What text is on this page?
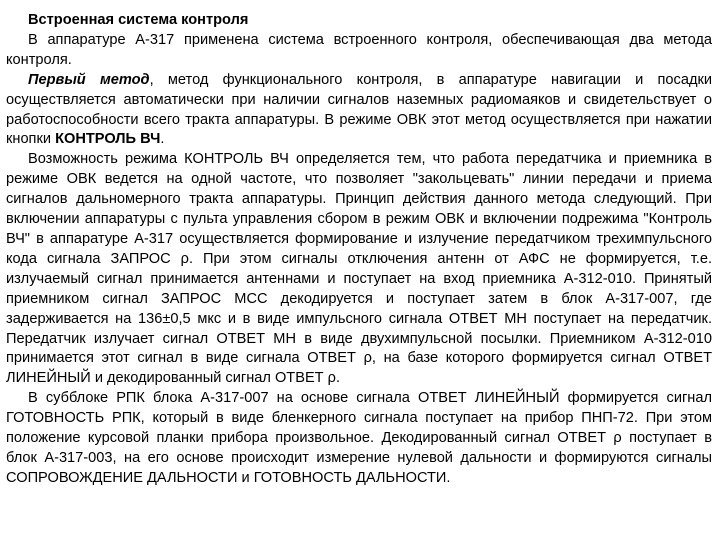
Встроенная система контроля

В аппаратуре А-317 применена система встроенного контроля, обеспечивающая два метода контроля.

Первый метод, метод функционального контроля, в аппаратуре навигации и посадки осуществляется автоматически при наличии сигналов наземных радиомаяков и свидетельствует о работоспособности всего тракта аппаратуры. В режиме ОВК этот метод осуществляется при нажатии кнопки КОНТРОЛЬ ВЧ.

Возможность режима КОНТРОЛЬ ВЧ определяется тем, что работа передатчика и приемника в режиме ОВК ведется на одной частоте, что позволяет "закольцевать" линии передачи и приема сигналов дальномерного тракта аппаратуры. Принцип действия данного метода следующий. При включении аппаратуры с пульта управления сбором в режим ОВК и включении подрежима "Контроль ВЧ" в аппаратуре А-317 осуществляется формирование и излучение передатчиком трехимпульсного кода сигнала ЗАПРОС ρ. При этом сигналы отключения антенн от АФС не формируется, т.е. излучаемый сигнал принимается антеннами и поступает на вход приемника А-312-010. Принятый приемником сигнал ЗАПРОС МСС декодируется и поступает затем в блок А-317-007, где задерживается на 136±0,5 мкс и в виде импульсного сигнала ОТВЕТ МН поступает на передатчик. Передатчик излучает сигнал ОТВЕТ МН в виде двухимпульсной посылки. Приемником А-312-010 принимается этот сигнал в виде сигнала ОТВЕТ ρ, на базе которого формируется сигнал ОТВЕТ ЛИНЕЙНЫЙ и декодированный сигнал ОТВЕТ ρ.

В субблоке РПК блока А-317-007 на основе сигнала ОТВЕТ ЛИНЕЙНЫЙ формируется сигнал ГОТОВНОСТЬ РПК, который в виде бленкерного сигнала поступает на прибор ПНП-72. При этом положение курсовой планки прибора произвольное. Декодированный сигнал ОТВЕТ ρ поступает в блок А-317-003, на его основе происходит измерение нулевой дальности и формируются сигналы СОПРОВОЖДЕНИЕ ДАЛЬНОСТИ и ГОТОВНОСТЬ ДАЛЬНОСТИ.
